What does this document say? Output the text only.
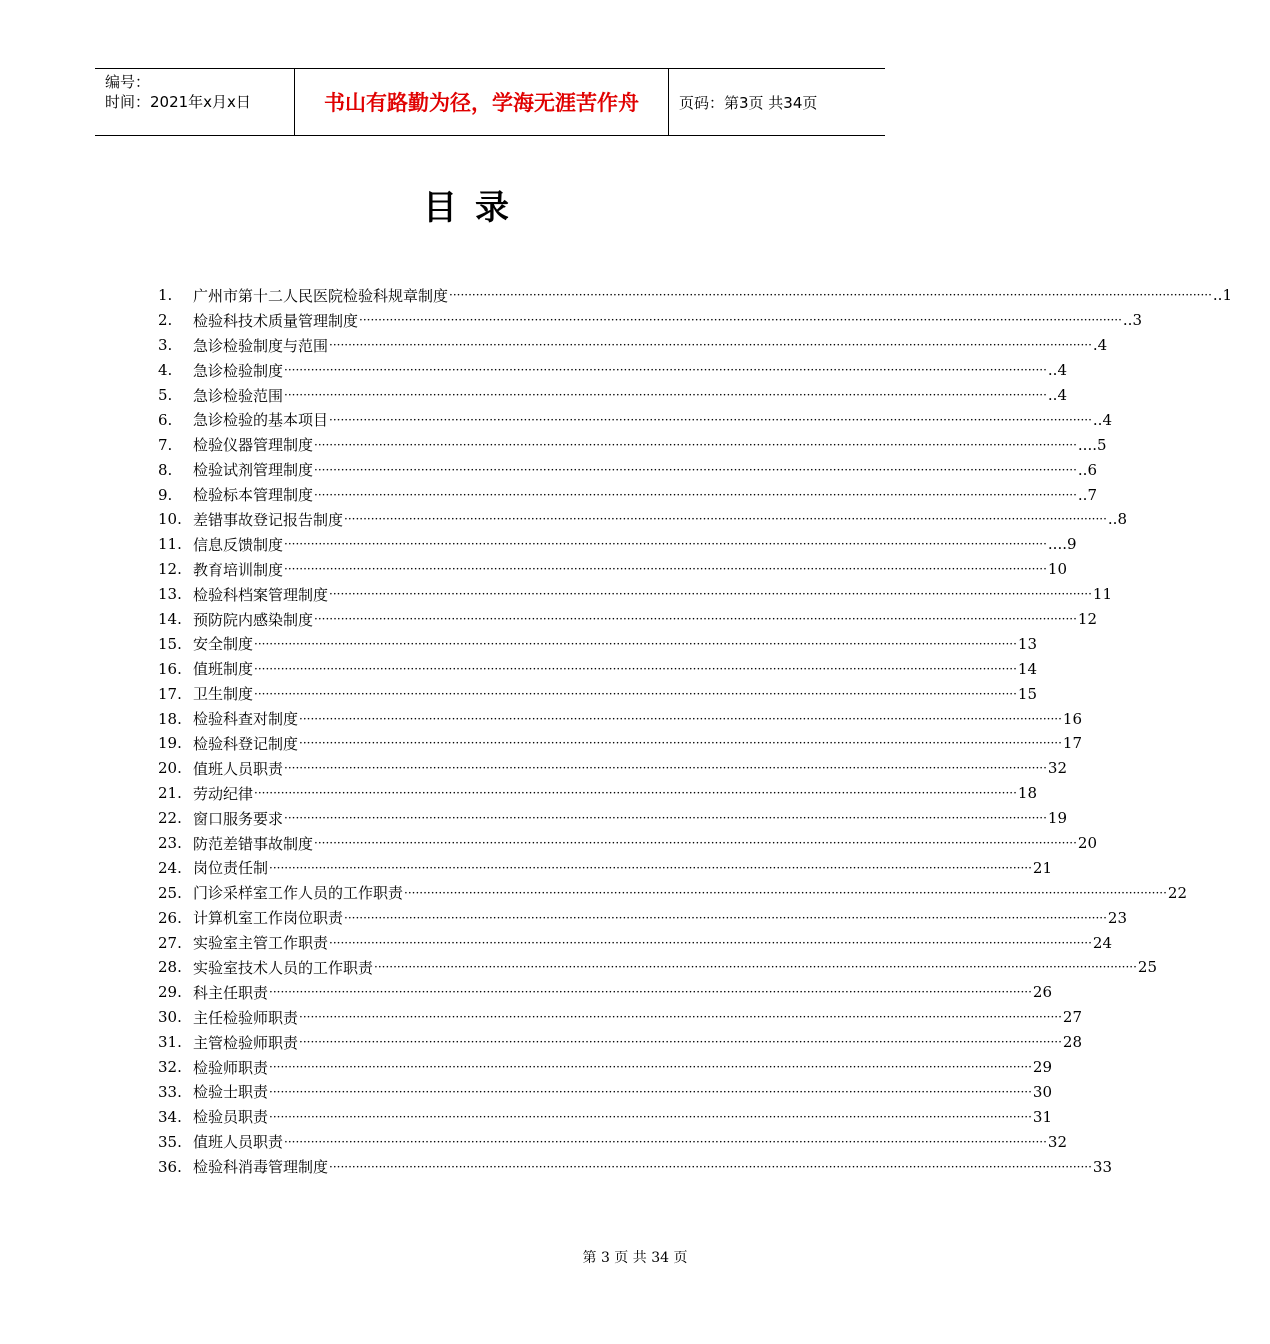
编号：
时间：2021年x月x日	书山有路勤为径，学海无涯苦作舟	页码：第3页 共34页
目录
1.	广州市第十二人民医院检验科规章制度 ········································································································································································································ ..1
2.	检验科技术质量管理制度 ········································································································································································································ ..3
3.	急诊检验制度与范围 ········································································································································································································ .4
4.	急诊检验制度 ········································································································································································································ ..4
5.	急诊检验范围 ········································································································································································································ ..4
6.	急诊检验的基本项目 ········································································································································································································ ..4
7.	检验仪器管理制度 ········································································································································································································ ....5
8.	检验试剂管理制度 ········································································································································································································ ..6
9.	检验标本管理制度 ········································································································································································································ ..7
10. 差错事故登记报告制度 ········································································································································································································ ..8
11. 信息反馈制度 ········································································································································································································ ....9
12. 教育培训制度 ········································································································································································································ 10
13. 检验科档案管理制度 ········································································································································································································ 11
14. 预防院内感染制度 ········································································································································································································ 12
15. 安全制度 ········································································································································································································ 13
16. 值班制度 ········································································································································································································ 14
17. 卫生制度 ········································································································································································································ 15
18. 检验科查对制度 ········································································································································································································ 16
19. 检验科登记制度 ········································································································································································································ 17
20. 值班人员职责 ········································································································································································································ 32
21. 劳动纪律 ········································································································································································································ 18
22. 窗口服务要求 ········································································································································································································ 19
23. 防范差错事故制度 ········································································································································································································ 20
24. 岗位责任制 ········································································································································································································ 21
25. 门诊采样室工作人员的工作职责 ········································································································································································································ 22
26. 计算机室工作岗位职责 ········································································································································································································ 23
27. 实验室主管工作职责 ········································································································································································································ 24
28. 实验室技术人员的工作职责 ········································································································································································································ 25
29. 科主任职责 ········································································································································································································ 26
30. 主任检验师职责 ········································································································································································································ 27
31. 主管检验师职责 ········································································································································································································ 28
32. 检验师职责 ········································································································································································································ 29
33. 检验士职责 ········································································································································································································ 30
34. 检验员职责 ········································································································································································································ 31
35. 值班人员职责 ········································································································································································································ 32
36. 检验科消毒管理制度 ········································································································································································································ 33
第 3 页 共 34 页
